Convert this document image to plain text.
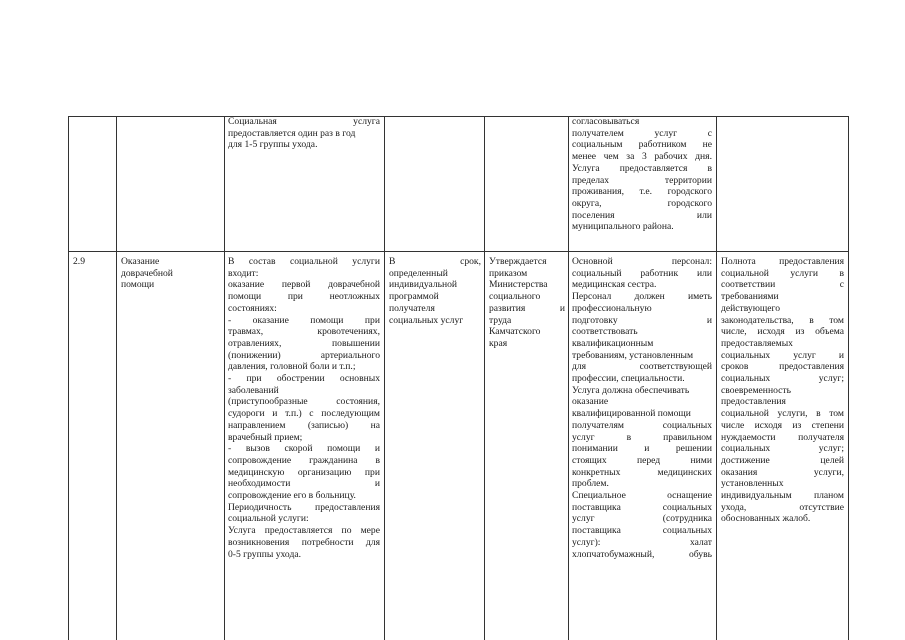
Социальная услуга
предоставляется один раз в год
для 1-5 группы ухода.
согласовываться
получателем услуг с
социальным работником не
менее чем за 3 рабочих дня.
Услуга предоставляется в
пределах территории
проживания, т.е. городского
округа, городского
поселения или
муниципального района.
2.9	Оказание
доврачебной
помощи
В состав социальной услуги
входит:
оказание первой доврачебной
помощи при неотложных
состояниях:
- оказание помощи при
травмах, кровотечениях,
отравлениях, повышении
(понижении) артериального
давления, головной боли и т.п.;
- при обострении основных
заболеваний
(приступообразные состояния,
судороги и т.п.) с последующим
направлением (записью) на
врачебный прием;
- вызов скорой помощи и
сопровождение гражданина в
медицинскую организацию при
необходимости и
сопровождение его в больницу.
Периодичность предоставления
социальной услуги:
Услуга предоставляется по мере
возникновения потребности для
0-5 группы ухода.
В срок,
определенный
индивидуальной
программой
получателя
социальных услуг
Утверждается
приказом
Министерства
социального
развития и
труда
Камчатского
края
Основной персонал:
социальный работник или
медицинская сестра.
Персонал должен иметь
профессиональную
подготовку и
соответствовать
квалификационным
требованиям, установленным
для соответствующей
профессии, специальности.
Услуга должна обеспечивать
оказание
квалифицированной помощи
получателям социальных
услуг в правильном
понимании и решении
стоящих перед ними
конкретных медицинских
проблем.
Специальное оснащение
поставщика социальных
услуг (сотрудника
поставщика социальных
услуг): халат
хлопчатобумажный, обувь
Полнота предоставления
социальной услуги в
соответствии с
требованиями
действующего
законодательства, в том
числе, исходя из объема
предоставляемых
социальных услуг и
сроков предоставления
социальных услуг;
своевременность
предоставления
социальной услуги, в том
числе исходя из степени
нуждаемости получателя
социальных услуг;
достижение целей
оказания услуги,
установленных
индивидуальным планом
ухода, отсутствие
обоснованных жалоб.
